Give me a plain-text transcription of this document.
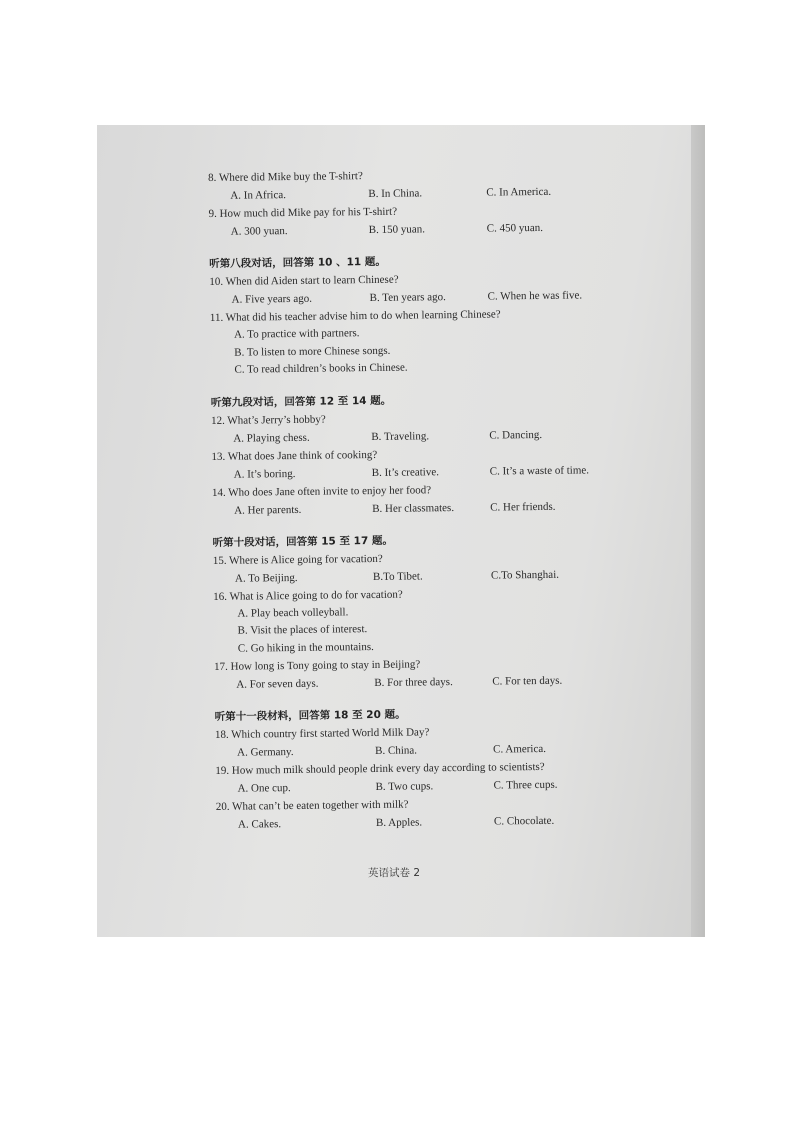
8. Where did Mike buy the T-shirt?
A. In Africa.	B. In China.	C. In America.
9. How much did Mike pay for his T-shirt?
A. 300 yuan.	B. 150 yuan.	C. 450 yuan.
听第八段对话，回答第 10 、11 题。
10. When did Aiden start to learn Chinese?
A. Five years ago.	B. Ten years ago.	C. When he was five.
11. What did his teacher advise him to do when learning Chinese?
A. To practice with partners.
B. To listen to more Chinese songs.
C. To read children’s books in Chinese.
听第九段对话，回答第 12 至 14 题。
12. What’s Jerry’s hobby?
A. Playing chess.	B. Traveling.	C. Dancing.
13. What does Jane think of cooking?
A. It’s boring.	B. It’s creative.	C. It’s a waste of time.
14. Who does Jane often invite to enjoy her food?
A. Her parents.	B. Her classmates.	C. Her friends.
听第十段对话，回答第 15 至 17 题。
15. Where is Alice going for vacation?
A. To Beijing.	B.To Tibet.	C.To Shanghai.
16. What is Alice going to do for vacation?
A. Play beach volleyball.
B. Visit the places of interest.
C. Go hiking in the mountains.
17. How long is Tony going to stay in Beijing?
A. For seven days.	B. For three days.	C. For ten days.
听第十一段材料，回答第 18 至 20 题。
18. Which country first started World Milk Day?
A. Germany.	B. China.	C. America.
19. How much milk should people drink every day according to scientists?
A. One cup.	B. Two cups.	C. Three cups.
20. What can’t be eaten together with milk?
A. Cakes.	B. Apples.	C. Chocolate.
英语试卷 2
